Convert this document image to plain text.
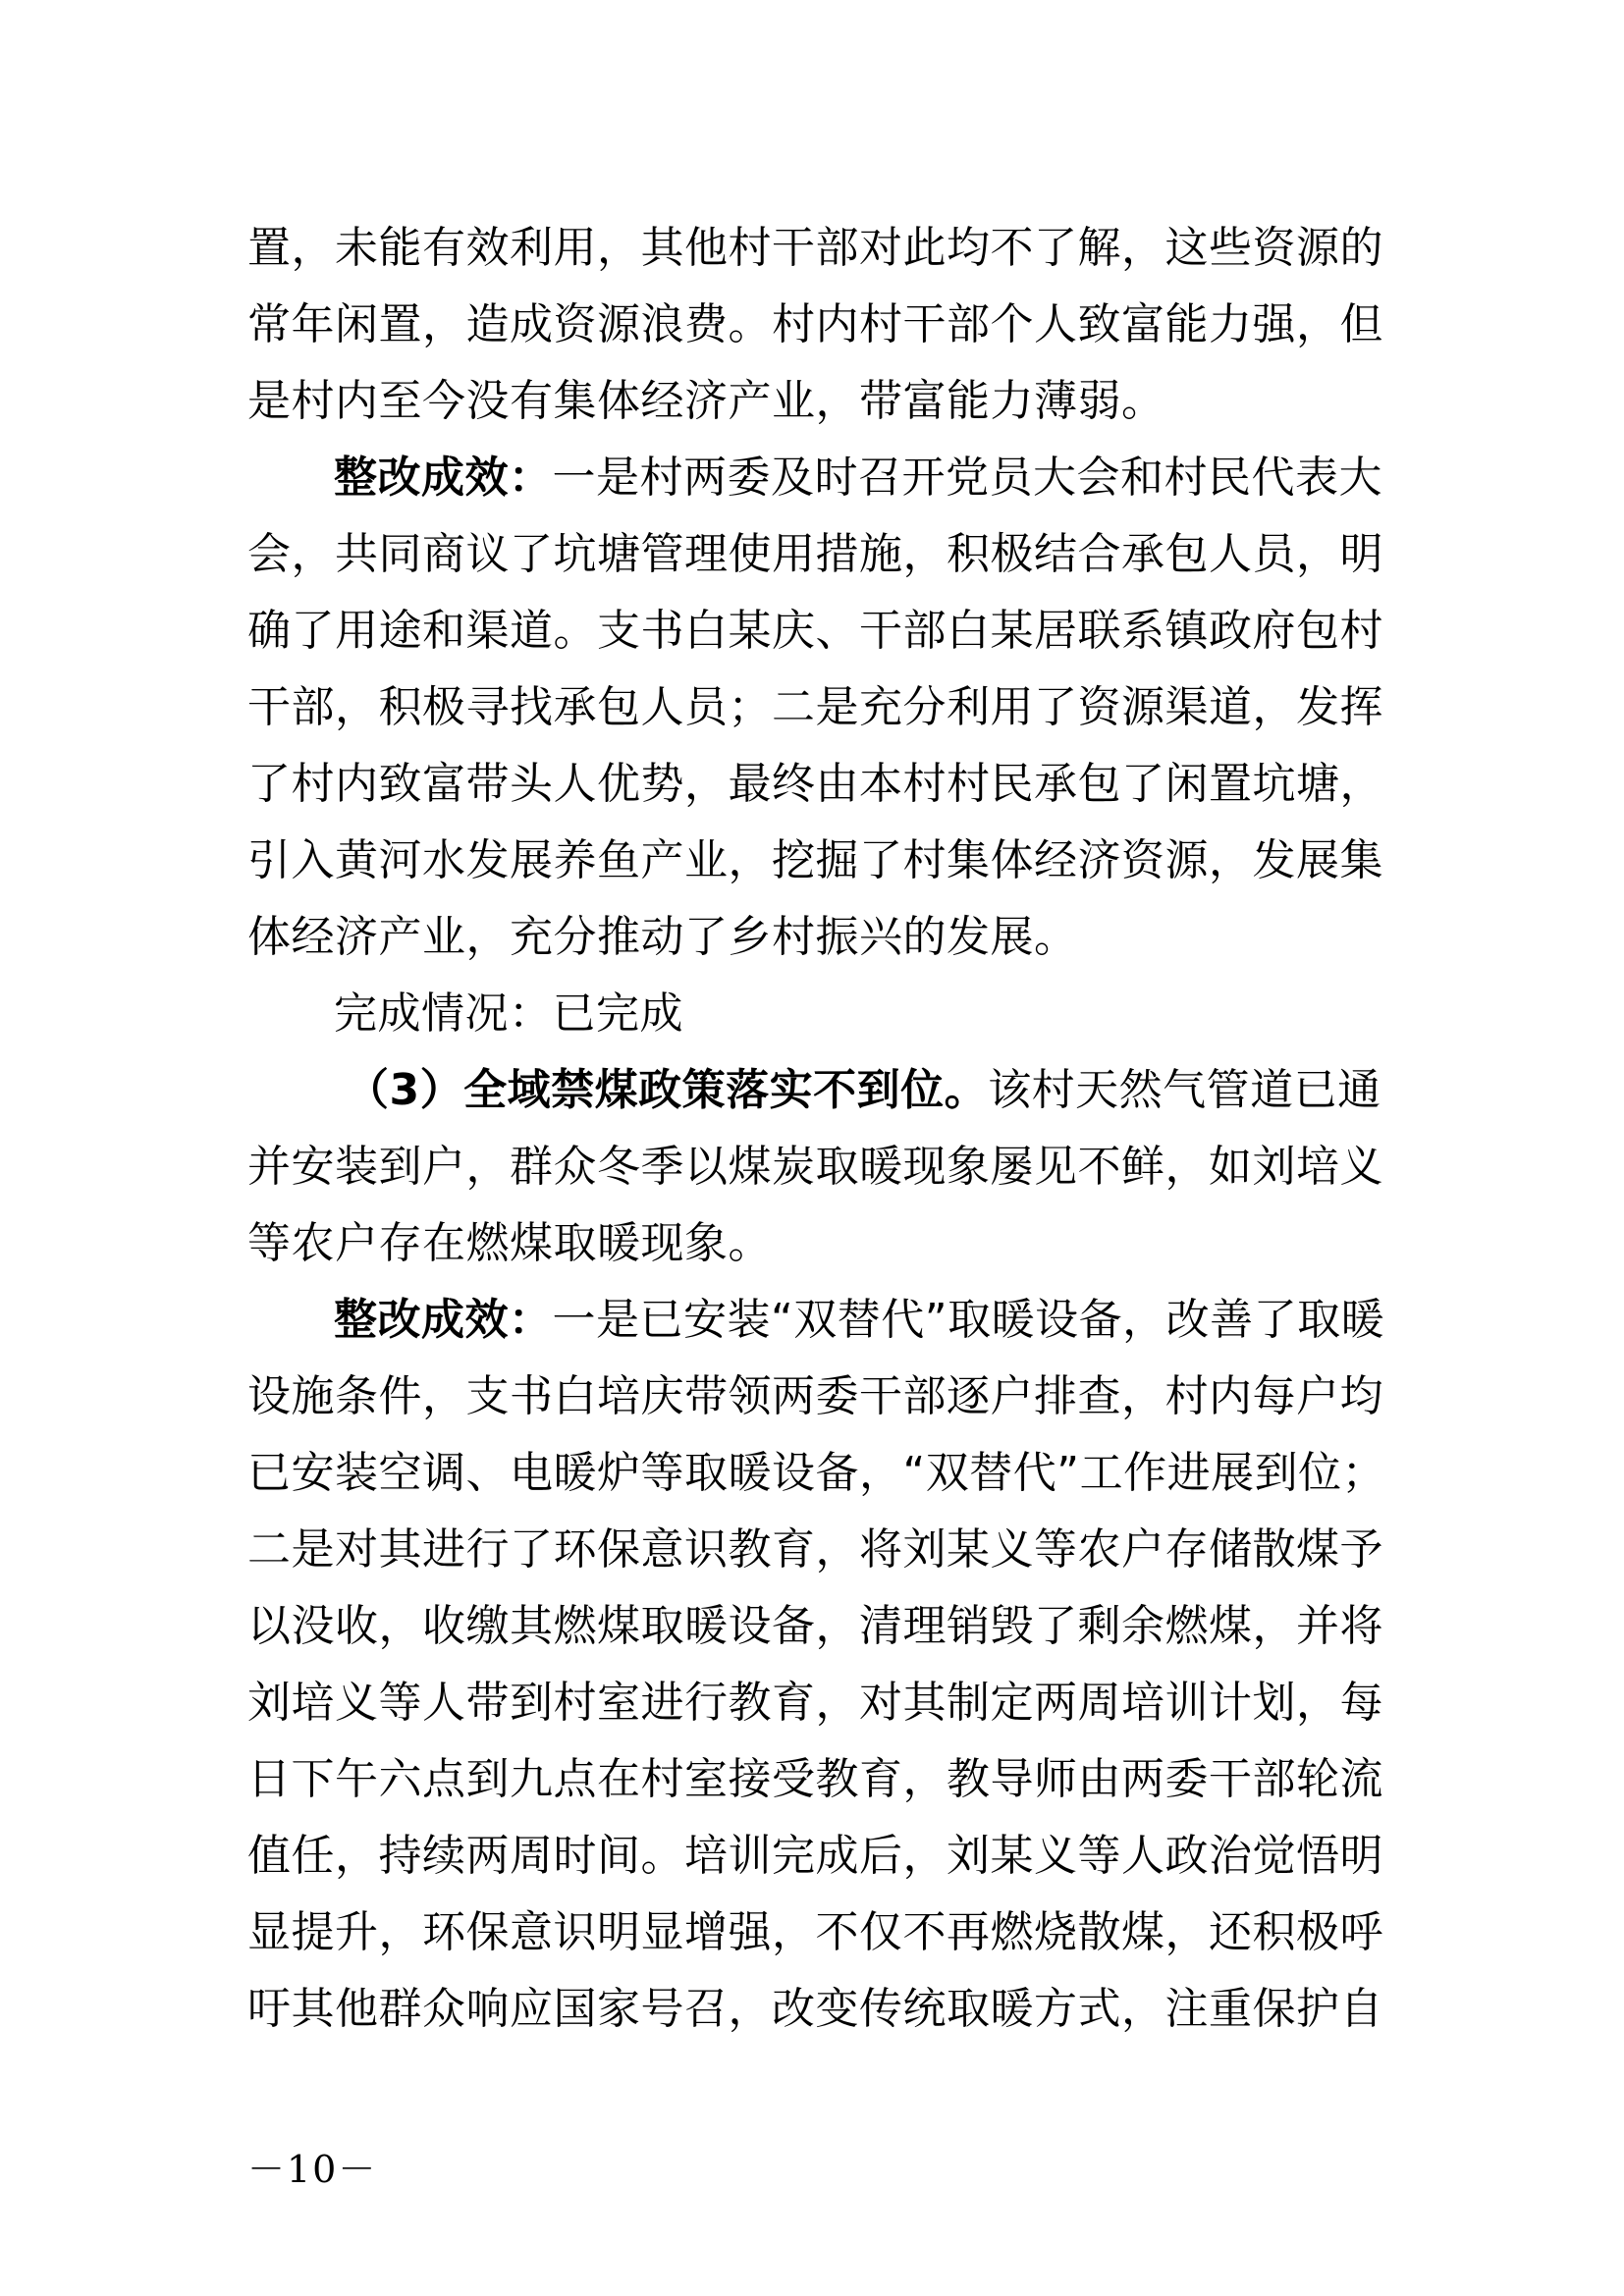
置，未能有效利用，其他村干部对此均不了解，这些资源的
常年闲置，造成资源浪费。村内村干部个人致富能力强，但
是村内至今没有集体经济产业，带富能力薄弱。
整改成效：一是村两委及时召开党员大会和村民代表大
会，共同商议了坑塘管理使用措施，积极结合承包人员，明
确了用途和渠道。支书白某庆、干部白某居联系镇政府包村
干部，积极寻找承包人员；二是充分利用了资源渠道，发挥
了村内致富带头人优势，最终由本村村民承包了闲置坑塘，
引入黄河水发展养鱼产业，挖掘了村集体经济资源，发展集
体经济产业，充分推动了乡村振兴的发展。
完成情况：已完成
（3）全域禁煤政策落实不到位。该村天然气管道已通
并安装到户，群众冬季以煤炭取暖现象屡见不鲜，如刘培义
等农户存在燃煤取暖现象。
整改成效：一是已安装“双替代”取暖设备，改善了取暖
设施条件，支书白培庆带领两委干部逐户排查，村内每户均
已安装空调、电暖炉等取暖设备，“双替代”工作进展到位；
二是对其进行了环保意识教育，将刘某义等农户存储散煤予
以没收，收缴其燃煤取暖设备，清理销毁了剩余燃煤，并将
刘培义等人带到村室进行教育，对其制定两周培训计划，每
日下午六点到九点在村室接受教育，教导师由两委干部轮流
值任，持续两周时间。培训完成后，刘某义等人政治觉悟明
显提升，环保意识明显增强，不仅不再燃烧散煤，还积极呼
吁其他群众响应国家号召，改变传统取暖方式，注重保护自
－10－
